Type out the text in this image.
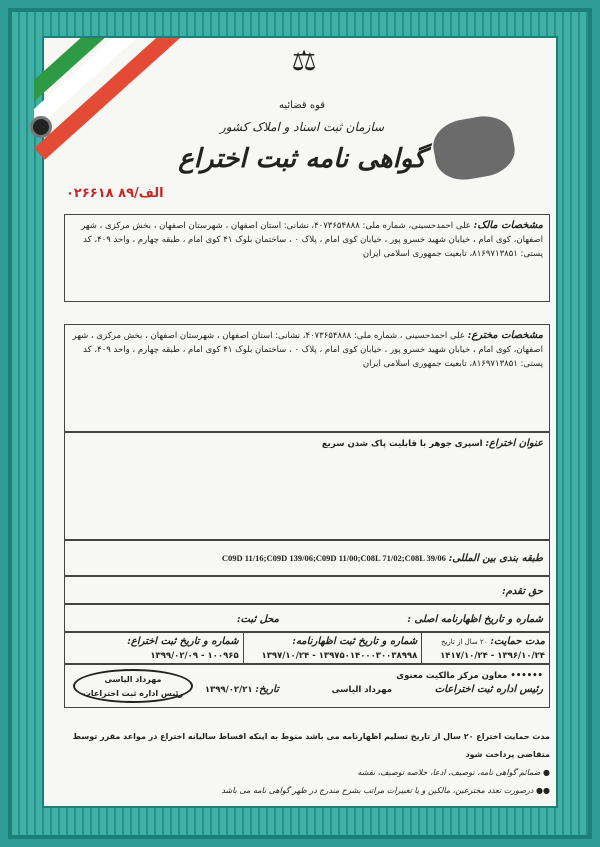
⚖
قوه قضائیه
سازمان ثبت اسناد و املاک کشور
گواهی نامه ثبت اختراع
۰۲۶۶۱۸ الف/۸۹
مشخصات مالک: علی احمدحسینی، شماره ملی: ۴۰۷۳۶۵۴۸۸۸، نشانی: استان اصفهان ، شهرستان اصفهان ، بخش مرکزی ، شهر اصفهان، کوی امام ، خیابان شهید خسرو پور ، خیابان کوی امام ، پلاک ۰ ، ساختمان بلوک ۴۱ کوی امام ، طبقه چهارم ، واحد ۴۰۹، کد پستی: ۸۱۶۹۷۱۳۸۵۱، تابعیت جمهوری اسلامی ایران
مشخصات مخترع: علی احمدحسینی ، شماره ملی: ۴۰۷۳۶۵۴۸۸۸، نشانی: استان اصفهان ، شهرستان اصفهان ، بخش مرکزی ، شهر اصفهان، کوی امام ، خیابان شهید خسرو پور ، خیابان کوی امام ، پلاک ۰ ، ساختمان بلوک ۴۱ کوی امام ، طبقه چهارم ، واحد ۴۰۹، کد پستی: ۸۱۶۹۷۱۳۸۵۱، تابعیت جمهوری اسلامی ایران
عنوان اختراع: اسپری جوهر با قابلیت پاک شدن سریع
طبقه بندی بین المللی: C09D 11/16;C09D 139/06;C09D 11/00;C08L 71/02;C08L 39/06
حق تقدم:
شماره و تاریخ اظهارنامه اصلی :
محل ثبت:
مدت حمایت: ۲۰ سال از تاریخ
۱۳۹۶/۱۰/۲۴ - ۱۴۱۷/۱۰/۲۴
شماره و تاریخ ثبت اظهارنامه:
۱۳۹۷۵۰۱۴۰۰۰۳۰۰۳۸۹۹۸ - ۱۳۹۷/۱۰/۲۴
شماره و تاریخ ثبت اختراع:
۱۰۰۹۶۵ - ۱۳۹۹/۰۲/۰۹
•••••• معاون مرکز مالکیت معنوی
رئیس اداره ثبت اختراعات مهرداد الیاسی تاریخ: ۱۳۹۹/۰۲/۲۱
مهرداد الیاسی
رئیس اداره ثبت اختراعات
مدت حمایت اختراع ۲۰ سال از تاریخ تسلیم اظهارنامه می باشد منوط به اینکه اقساط سالیانه اختراع در مواعد مقرر توسط متقاضی پرداخت شود
● ضمائم گواهی نامه، توصیف، ادعا، خلاصه توصیف، نقشه
●● درصورت تعدد مخترعین، مالکین و یا تغییرات مراتب بشرح مندرج در ظهر گواهی نامه می باشد
